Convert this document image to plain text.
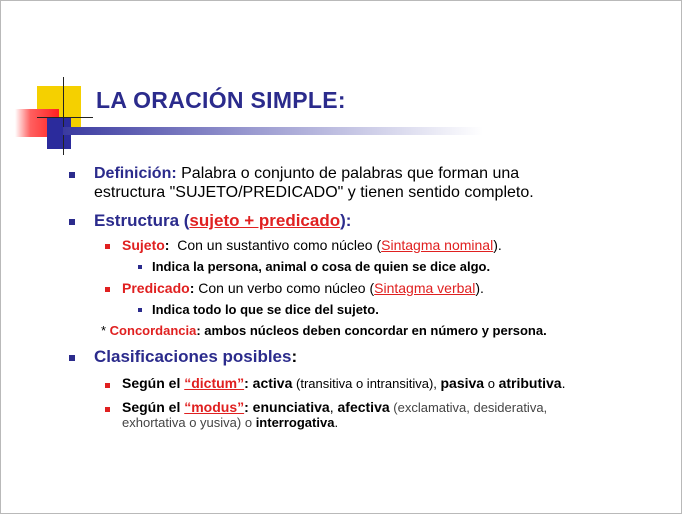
LA ORACIÓN SIMPLE:
Definición: Palabra o conjunto de palabras que forman una
estructura "SUJETO/PREDICADO" y tienen sentido completo.
Estructura (sujeto + predicado):
Sujeto:  Con un sustantivo como núcleo (Sintagma nominal).
Indica la persona, animal o cosa de quien se dice algo.
Predicado: Con un verbo como núcleo (Sintagma verbal).
Indica todo lo que se dice del sujeto.
* Concordancia: ambos núcleos deben concordar en número y persona.
Clasificaciones posibles:
Según el “dictum”: activa (transitiva o intransitiva), pasiva o atributiva.
Según el “modus”: enunciativa, afectiva (exclamativa, desiderativa,
exhortativa o yusiva) o interrogativa.
